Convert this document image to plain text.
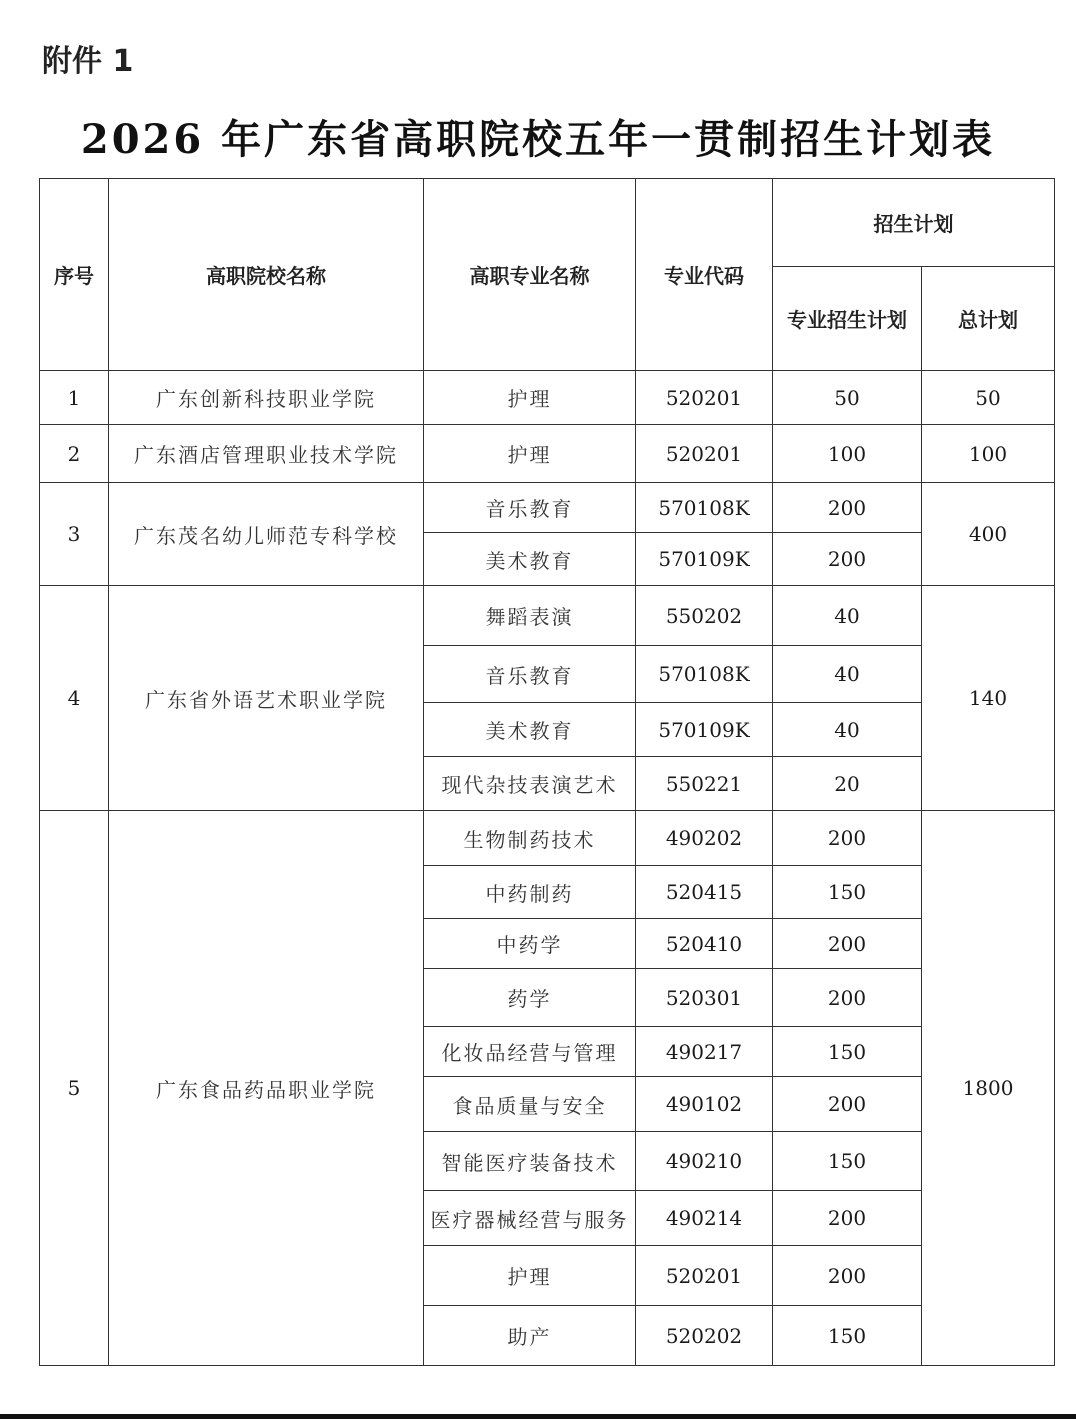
附件 1
2026 年广东省高职院校五年一贯制招生计划表
序号	高职院校名称	高职专业名称	专业代码	招生计划	
				专业招生计划	总计划
1	广东创新科技职业学院	护理	520201	50	50
2	广东酒店管理职业技术学院	护理	520201	100	100
3	广东茂名幼儿师范专科学校	音乐教育	570108K	200	400
		美术教育	570109K	200	
4	广东省外语艺术职业学院	舞蹈表演	550202	40	140
		音乐教育	570108K	40	
		美术教育	570109K	40	
		现代杂技表演艺术	550221	20	
5	广东食品药品职业学院	生物制药技术	490202	200	1800
		中药制药	520415	150	
		中药学	520410	200	
		药学	520301	200	
		化妆品经营与管理	490217	150	
		食品质量与安全	490102	200	
		智能医疗装备技术	490210	150	
		医疗器械经营与服务	490214	200	
		护理	520201	200	
		助产	520202	150	
